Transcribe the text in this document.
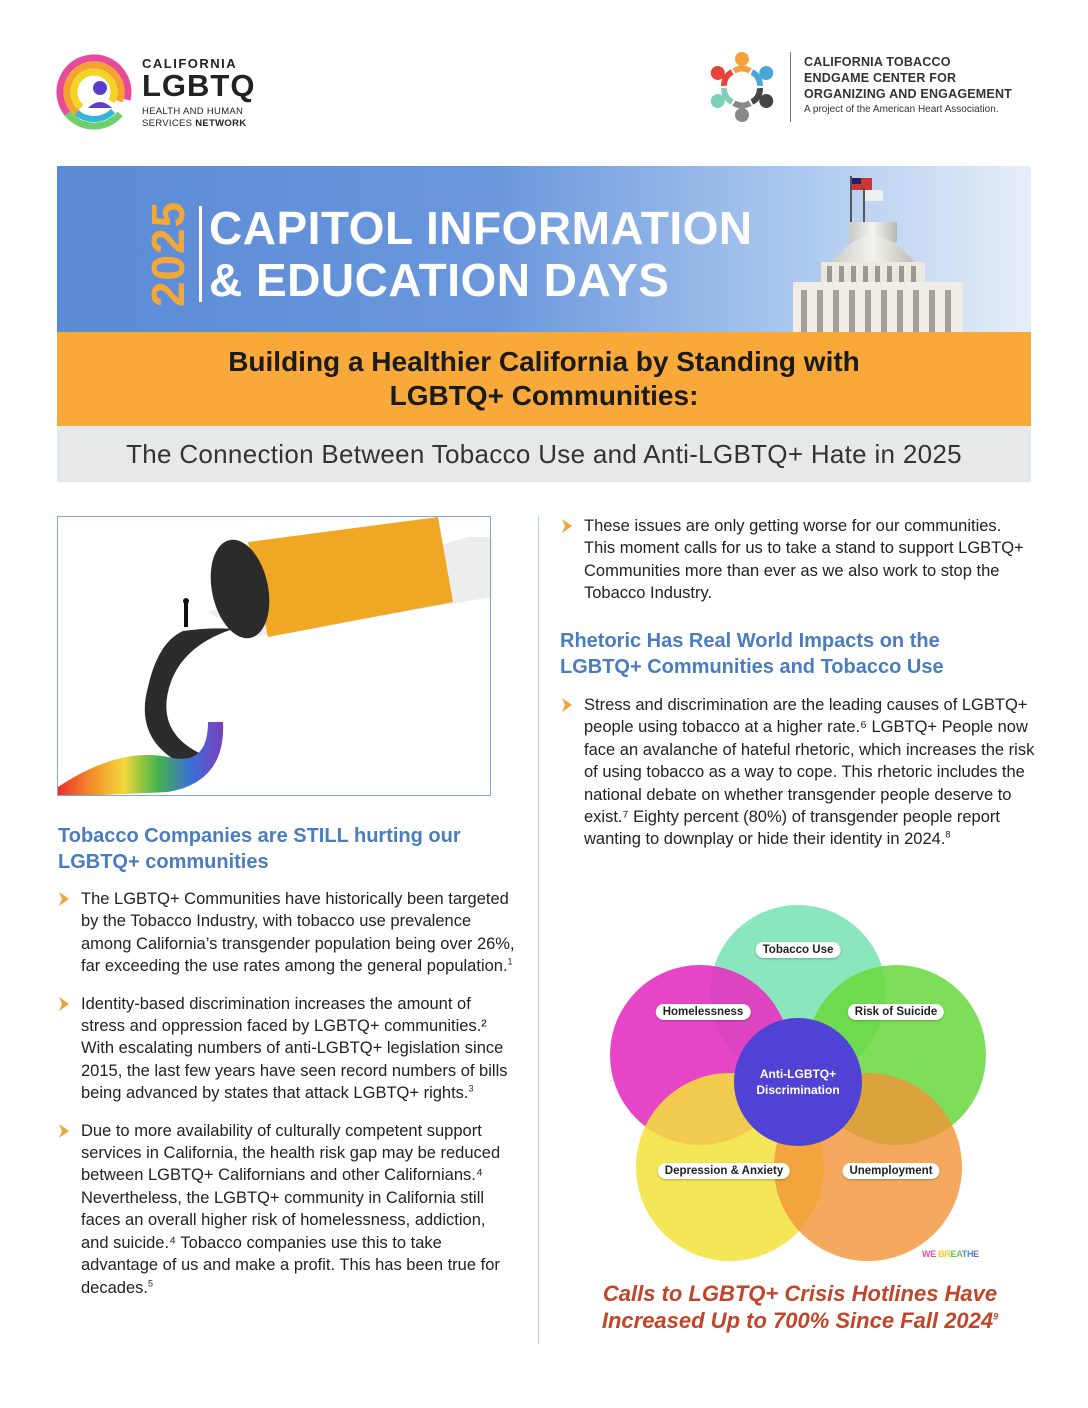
CALIFORNIA
LGBTQ
HEALTH AND HUMAN
SERVICES NETWORK
CALIFORNIA TOBACCO
ENDGAME CENTER FOR
ORGANIZING AND ENGAGEMENT
A project of the American Heart Association.
2025 CAPITOL INFORMATION
& EDUCATION DAYS
Building a Healthier California by Standing with
LGBTQ+ Communities:
The Connection Between Tobacco Use and Anti-LGBTQ+ Hate in 2025
Tobacco Companies are STILL hurting our LGBTQ+ communities
The LGBTQ+ Communities have historically been targeted by the Tobacco Industry, with tobacco use prevalence among California’s transgender population being over 26%, far exceeding the use rates among the general population.$^1$
Identity-based discrimination increases the amount of stress and oppression faced by LGBTQ+ communities.² With escalating numbers of anti-LGBTQ+ legislation since 2015, the last few years have seen record numbers of bills being advanced by states that attack LGBTQ+ rights.$^3$
Due to more availability of culturally competent support services in California, the health risk gap may be reduced between LGBTQ+ Californians and other Californians.⁴ Nevertheless, the LGBTQ+ community in California still faces an overall higher risk of homelessness, addiction, and suicide.⁴ Tobacco companies use this to take advantage of us and make a profit. This has been true for decades.$^5$
These issues are only getting worse for our communities. This moment calls for us to take a stand to support LGBTQ+ Communities more than ever as we also work to stop the Tobacco Industry.
Rhetoric Has Real World Impacts on the LGBTQ+ Communities and Tobacco Use
Stress and discrimination are the leading causes of LGBTQ+ people using tobacco at a higher rate.⁶ LGBTQ+ People now face an avalanche of hateful rhetoric, which increases the risk of using tobacco as a way to cope. This rhetoric includes the national debate on whether transgender people deserve to exist.⁷ Eighty percent (80%) of transgender people report wanting to downplay or hide their identity in 2024.$^8$
Tobacco Use
Homelessness	Risk of Suicide
Depression & Anxiety	Unemployment
Anti-LGBTQ+
Discrimination
WE BREATHE
Calls to LGBTQ+ Crisis Hotlines Have
Increased Up to 700% Since Fall 2024$^9$
